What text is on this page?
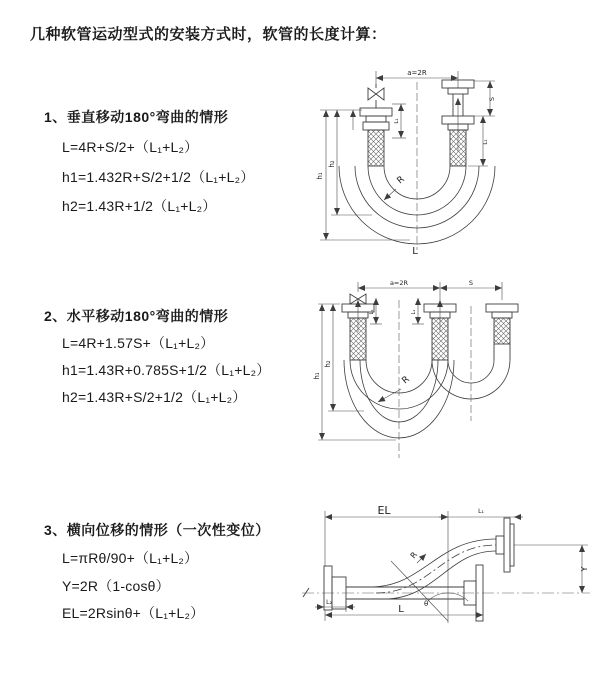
几种软管运动型式的安装方式时，软管的长度计算：
1、垂直移动180°弯曲的情形
L=4R+S/2+（L₁+L₂）
h1=1.432R+S/2+1/2（L₁+L₂）
h2=1.43R+1/2（L₁+L₂）
2、水平移动180°弯曲的情形
L=4R+1.57S+（L₁+L₂）
h1=1.43R+0.785S+1/2（L₁+L₂）
h2=1.43R+S/2+1/2（L₁+L₂）
3、横向位移的情形（一次性变位）
L=πRθ/90+（L₁+L₂）
Y=2R（1-cosθ）
EL=2Rsinθ+（L₁+L₂）
a=2R
h₁
h₂
L₁
S
L₁
R
L
a=2R	S
h₁
h₂
L₁	L₁
R
EL	L₁
Y
L
L₂	θ
R
